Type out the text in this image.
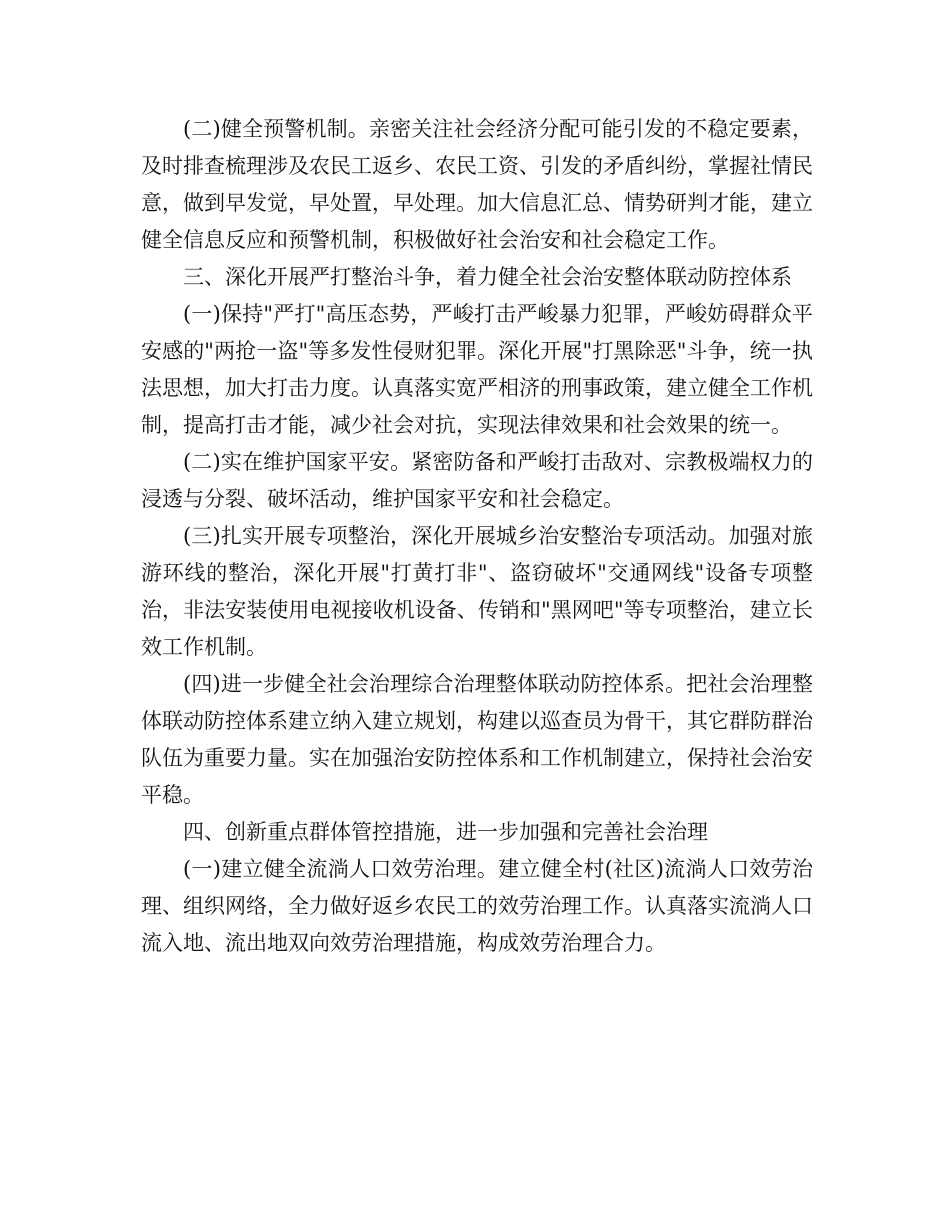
(二)健全预警机制。亲密关注社会经济分配可能引发的不稳定要素，及时排查梳理涉及农民工返乡、农民工资、引发的矛盾纠纷，掌握社情民意，做到早发觉，早处置，早处理。加大信息汇总、情势研判才能，建立健全信息反应和预警机制，积极做好社会治安和社会稳定工作。

三、深化开展严打整治斗争，着力健全社会治安整体联动防控体系

(一)保持"严打"高压态势，严峻打击严峻暴力犯罪，严峻妨碍群众平安感的"两抢一盗"等多发性侵财犯罪。深化开展"打黑除恶"斗争，统一执法思想，加大打击力度。认真落实宽严相济的刑事政策，建立健全工作机制，提高打击才能，减少社会对抗，实现法律效果和社会效果的统一。

(二)实在维护国家平安。紧密防备和严峻打击敌对、宗教极端权力的浸透与分裂、破坏活动，维护国家平安和社会稳定。

(三)扎实开展专项整治，深化开展城乡治安整治专项活动。加强对旅游环线的整治，深化开展"打黄打非"、盗窃破坏"交通网线"设备专项整治，非法安装使用电视接收机设备、传销和"黑网吧"等专项整治，建立长效工作机制。

(四)进一步健全社会治理综合治理整体联动防控体系。把社会治理整体联动防控体系建立纳入建立规划，构建以巡查员为骨干，其它群防群治队伍为重要力量。实在加强治安防控体系和工作机制建立，保持社会治安平稳。

四、创新重点群体管控措施，进一步加强和完善社会治理

(一)建立健全流淌人口效劳治理。建立健全村(社区)流淌人口效劳治理、组织网络，全力做好返乡农民工的效劳治理工作。认真落实流淌人口流入地、流出地双向效劳治理措施，构成效劳治理合力。
